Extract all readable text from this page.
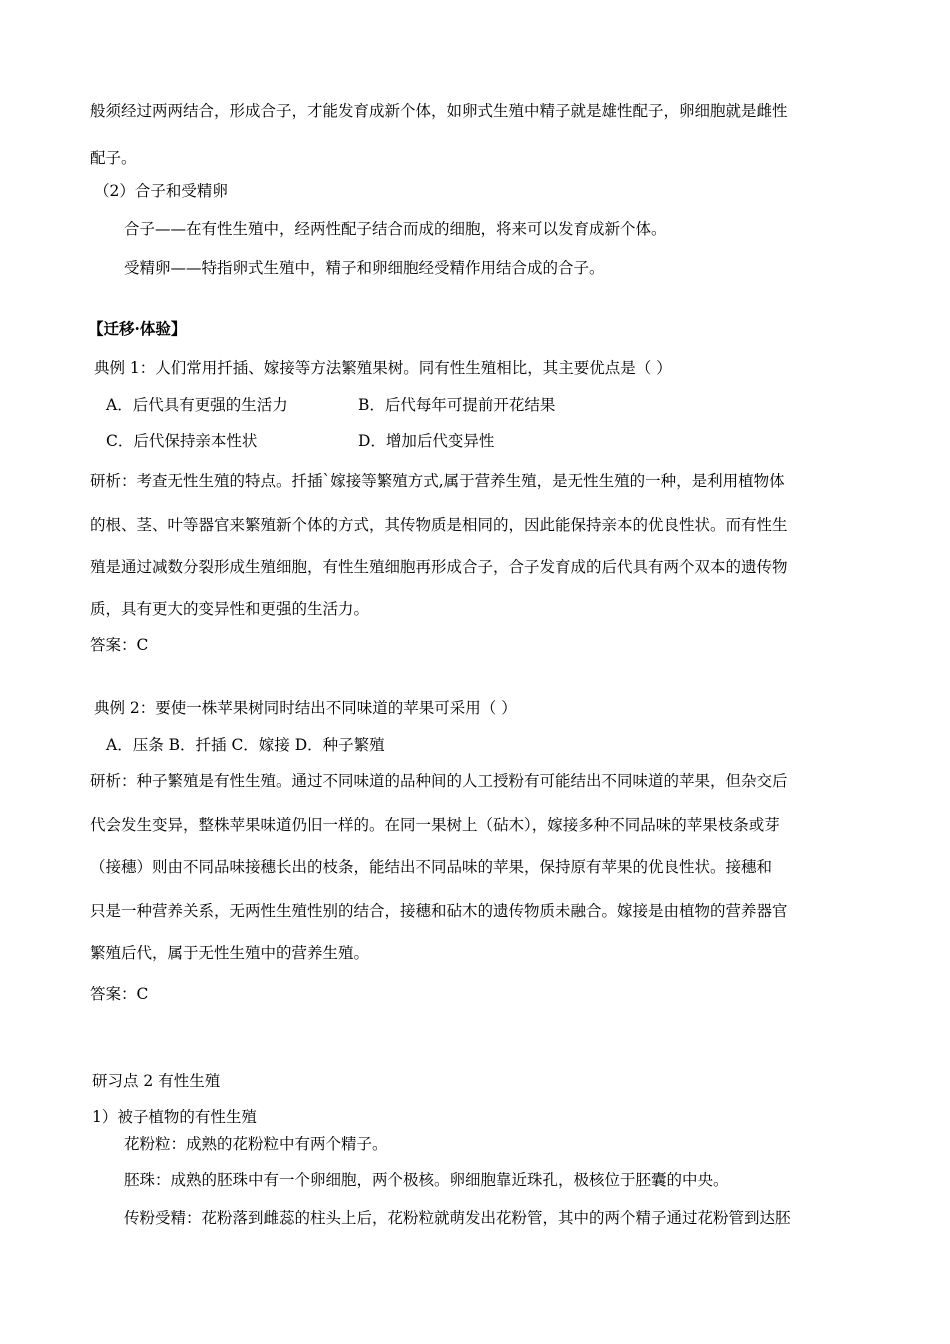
般须经过两两结合，形成合子，才能发育成新个体，如卵式生殖中精子就是雄性配子，卵细胞就是雌性
配子。
（2）合子和受精卵
合子——在有性生殖中，经两性配子结合而成的细胞，将来可以发育成新个体。
受精卵——特指卵式生殖中，精子和卵细胞经受精作用结合成的合子。
【迁移·体验】
典例 1：人们常用扦插、嫁接等方法繁殖果树。同有性生殖相比，其主要优点是（ ）
A．后代具有更强的生活力	B．后代每年可提前开花结果
C．后代保持亲本性状	D．增加后代变异性
研析：考查无性生殖的特点。扦插`嫁接等繁殖方式,属于营养生殖，是无性生殖的一种，是利用植物体
的根、茎、叶等器官来繁殖新个体的方式，其传物质是相同的，因此能保持亲本的优良性状。而有性生
殖是通过减数分裂形成生殖细胞，有性生殖细胞再形成合子，合子发育成的后代具有两个双本的遗传物
质，具有更大的变异性和更强的生活力。
答案：C
典例 2：要使一株苹果树同时结出不同味道的苹果可采用（ ）
A．压条 B．扦插 C．嫁接 D．种子繁殖
研析：种子繁殖是有性生殖。通过不同味道的品种间的人工授粉有可能结出不同味道的苹果，但杂交后
代会发生变异，整株苹果味道仍旧一样的。在同一果树上（砧木），嫁接多种不同品味的苹果枝条或芽
（接穗）则由不同品味接穗长出的枝条，能结出不同品味的苹果，保持原有苹果的优良性状。接穗和
只是一种营养关系，无两性生殖性别的结合，接穗和砧木的遗传物质未融合。嫁接是由植物的营养器官
繁殖后代，属于无性生殖中的营养生殖。
答案：C
研习点 2 有性生殖
1）被子植物的有性生殖
花粉粒：成熟的花粉粒中有两个精子。
胚珠：成熟的胚珠中有一个卵细胞，两个极核。卵细胞靠近珠孔，极核位于胚囊的中央。
传粉受精：花粉落到雌蕊的柱头上后，花粉粒就萌发出花粉管，其中的两个精子通过花粉管到达胚
